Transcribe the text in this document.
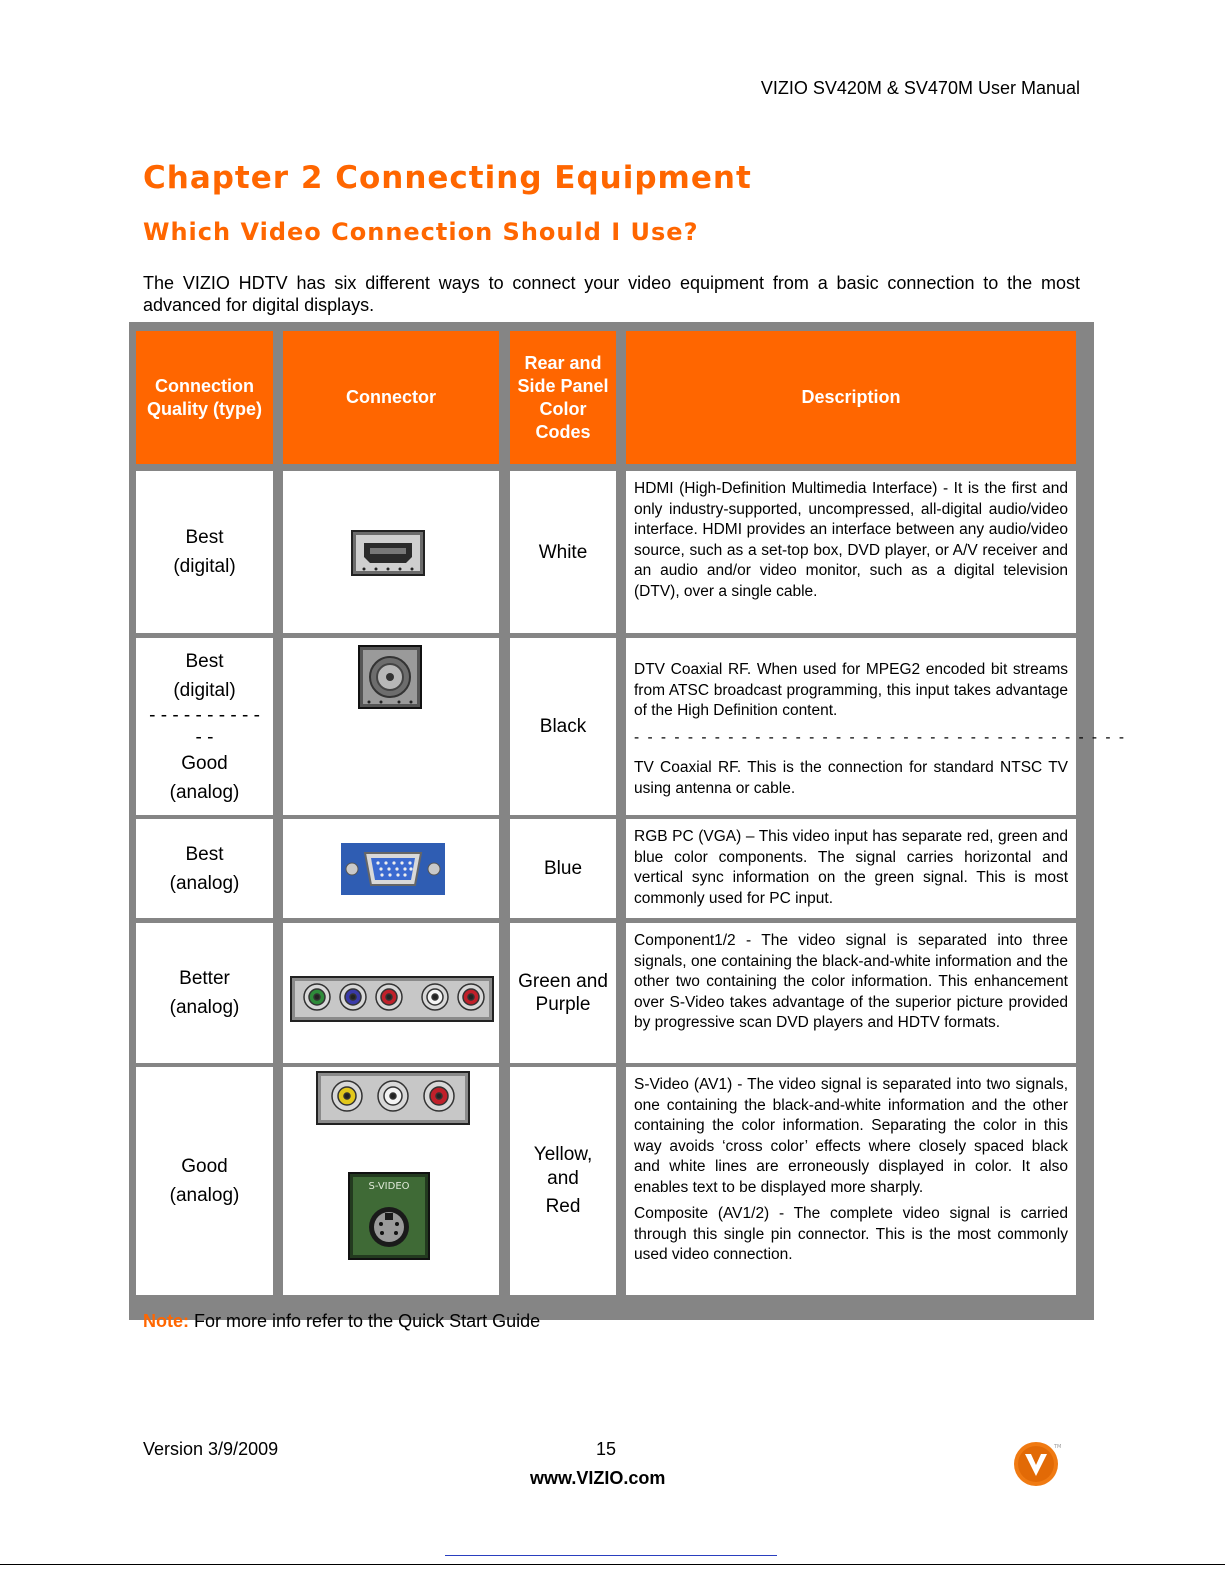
VIZIO SV420M & SV470M User Manual
Chapter 2 Connecting Equipment
Which Video Connection Should I Use?
The VIZIO HDTV has six different ways to connect your video equipment from a basic connection to the most advanced for digital displays.
Connection Quality (type)
Connector
Rear and Side Panel Color Codes
Description
Best
(digital)
White

HDMI (High-Definition Multimedia Interface) - It is the first and only industry-supported, uncompressed, all-digital audio/video interface. HDMI provides an interface between any audio/video source, such as a set-top box, DVD player, or A/V receiver and an audio and/or video monitor, such as a digital television (DTV), over a single cable.

Best
(digital)
- - - - - - - - - -
- -
Good
(analog)
Black

DTV Coaxial RF. When used for MPEG2 encoded bit streams from ATSC broadcast programming, this input takes advantage of the High Definition content.

- - - - - - - - - - - - - - - - - - - - - - - - - - - - - - - - - - - - -

TV Coaxial RF. This is the connection for standard NTSC TV using antenna or cable.

Best
(analog)
Blue

RGB PC (VGA) – This video input has separate red, green and blue color components. The signal carries horizontal and vertical sync information on the green signal. This is most commonly used for PC input.

Better
(analog)
Green and Purple

Component1/2 - The video signal is separated into three signals, one containing the black-and-white information and the other two containing the color information. This enhancement over S-Video takes advantage of the superior picture provided by progressive scan DVD players and HDTV formats.

Good
(analog)	S-VIDEO
Yellow,
and
Red

S-Video (AV1) - The video signal is separated into two signals, one containing the black-and-white information and the other containing the color information. Separating the color in this way avoids ‘cross color’ effects where closely spaced black and white lines are erroneously displayed in color. It also enables text to be displayed more sharply.

Composite (AV1/2) - The complete video signal is carried through this single pin connector. This is the most commonly used video connection.

Note: For more info refer to the Quick Start Guide
Version 3/9/2009	15
www.VIZIO.com
TM
